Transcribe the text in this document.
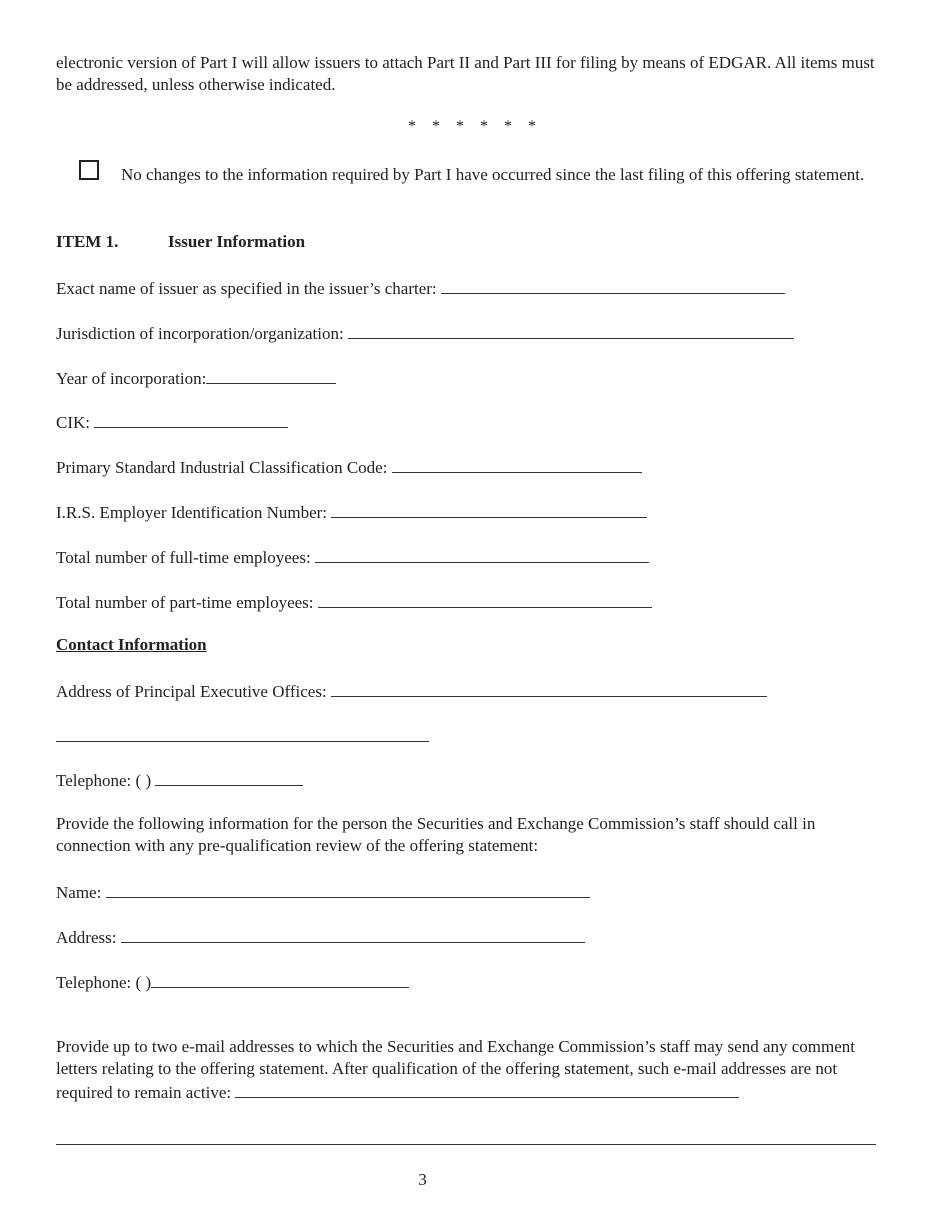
electronic version of Part I will allow issuers to attach Part II and Part III for filing by means of EDGAR. All items must be addressed, unless otherwise indicated.
* * * * * *
No changes to the information required by Part I have occurred since the last filing of this offering statement.
ITEM 1.	Issuer Information
Exact name of issuer as specified in the issuer’s charter:
Jurisdiction of incorporation/organization:
Year of incorporation:
CIK:
Primary Standard Industrial Classification Code:
I.R.S. Employer Identification Number:
Total number of full-time employees:
Total number of part-time employees:
Contact Information
Address of Principal Executive Offices:
Telephone: ( )
Provide the following information for the person the Securities and Exchange Commission’s staff should call in connection with any pre-qualification review of the offering statement:
Name:
Address:
Telephone: ( )
Provide up to two e-mail addresses to which the Securities and Exchange Commission’s staff may send any comment letters relating to the offering statement. After qualification of the offering statement, such e-mail addresses are not required to remain active:
3
